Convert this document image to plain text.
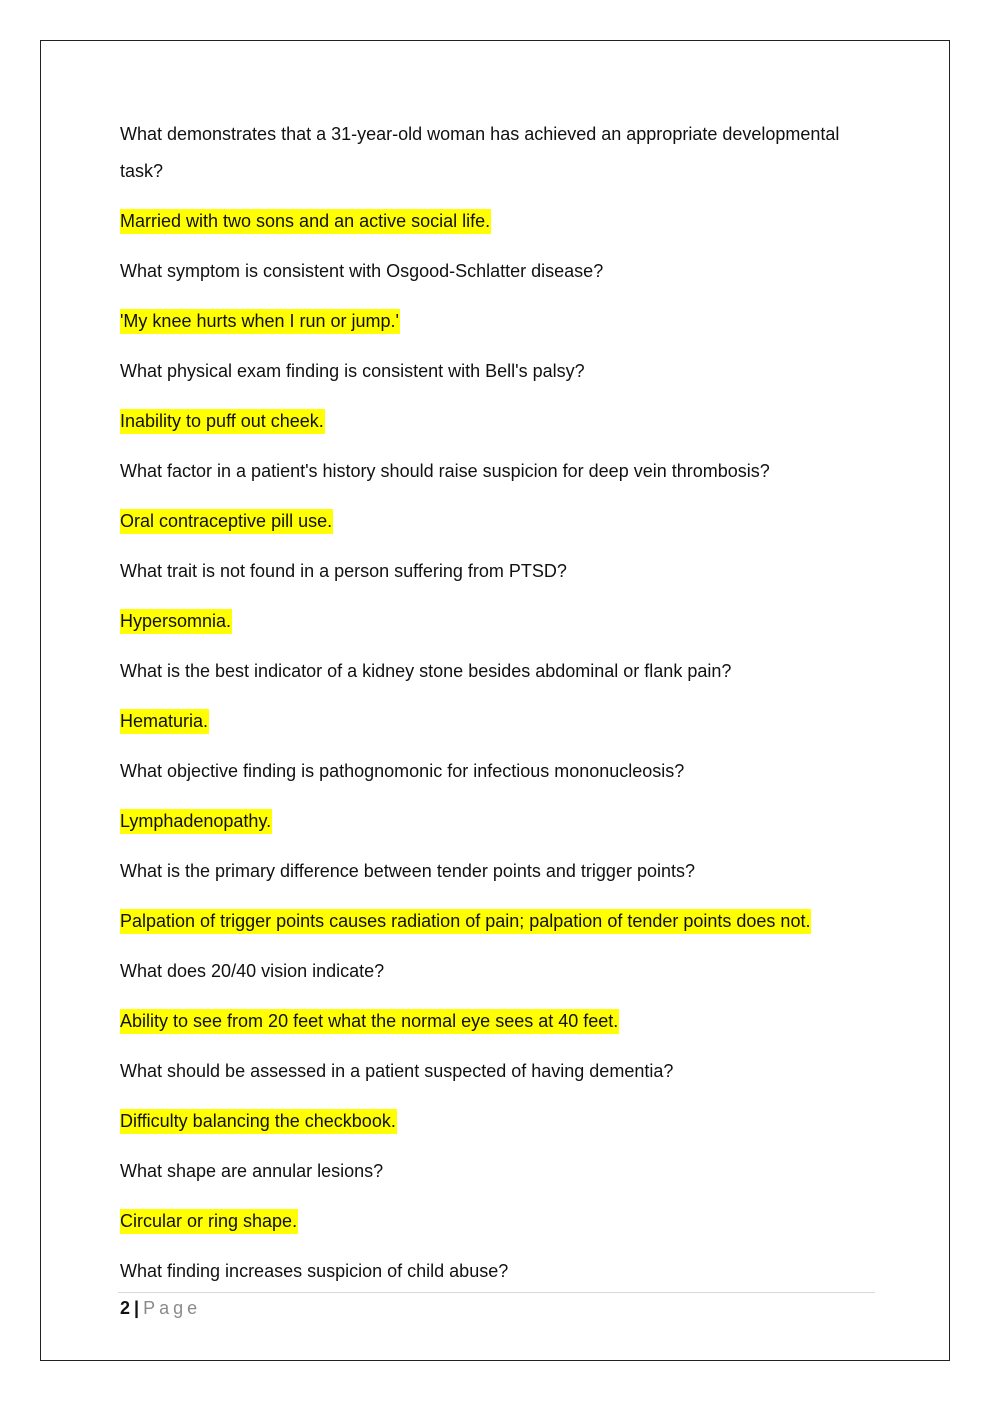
What demonstrates that a 31-year-old woman has achieved an appropriate developmental task?

Married with two sons and an active social life.

What symptom is consistent with Osgood-Schlatter disease?

'My knee hurts when I run or jump.'

What physical exam finding is consistent with Bell's palsy?

Inability to puff out cheek.

What factor in a patient's history should raise suspicion for deep vein thrombosis?

Oral contraceptive pill use.

What trait is not found in a person suffering from PTSD?

Hypersomnia.

What is the best indicator of a kidney stone besides abdominal or flank pain?

Hematuria.

What objective finding is pathognomonic for infectious mononucleosis?

Lymphadenopathy.

What is the primary difference between tender points and trigger points?

Palpation of trigger points causes radiation of pain; palpation of tender points does not.

What does 20/40 vision indicate?

Ability to see from 20 feet what the normal eye sees at 40 feet.

What should be assessed in a patient suspected of having dementia?

Difficulty balancing the checkbook.

What shape are annular lesions?

Circular or ring shape.

What finding increases suspicion of child abuse?

2 | Page
